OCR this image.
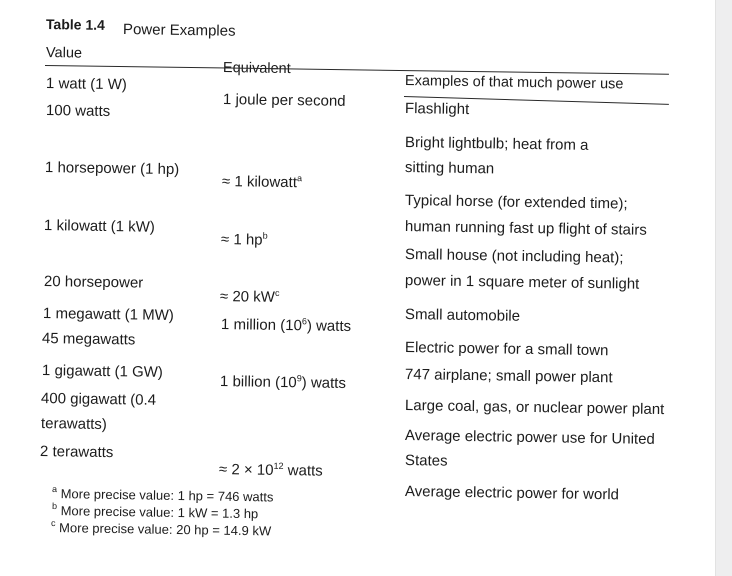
Table 1.4 Power Examples
Value
Examples of that much power use
1 watt (1 W)
100 watts
1 horsepower (1 hp)
1 kilowatt (1 kW)
20 horsepower
1 megawatt (1 MW)
45 megawatts
1 gigawatt (1 GW)
400 gigawatt (0.4
terawatts)
2 terawatts
1 joule per second
≈ 1 kilowatt$^a$
≈ 1 $hp^b$
≈ 20 $kW^c$
1 million $(10^6)$ watts
1 billion $(10^9)$ watts
≈ $2 \times 10^{12}$ watts
Flashlight
Bright lightbulb; heat from a
sitting human
Typical horse (for extended time);
human running fast up flight of stairs
Small house (not including heat);
power in 1 square meter of sunlight
Small automobile
Electric power for a small town
747 airplane; small power plant
Large coal, gas, or nuclear power plant
Average electric power use for United
States
Average electric power for world
$^a$ More precise value: 1 hp = 746 watts
$^b$ More precise value: 1 kW = 1.3 hp
$^c$ More precise value: 20 hp = 14.9 kW
